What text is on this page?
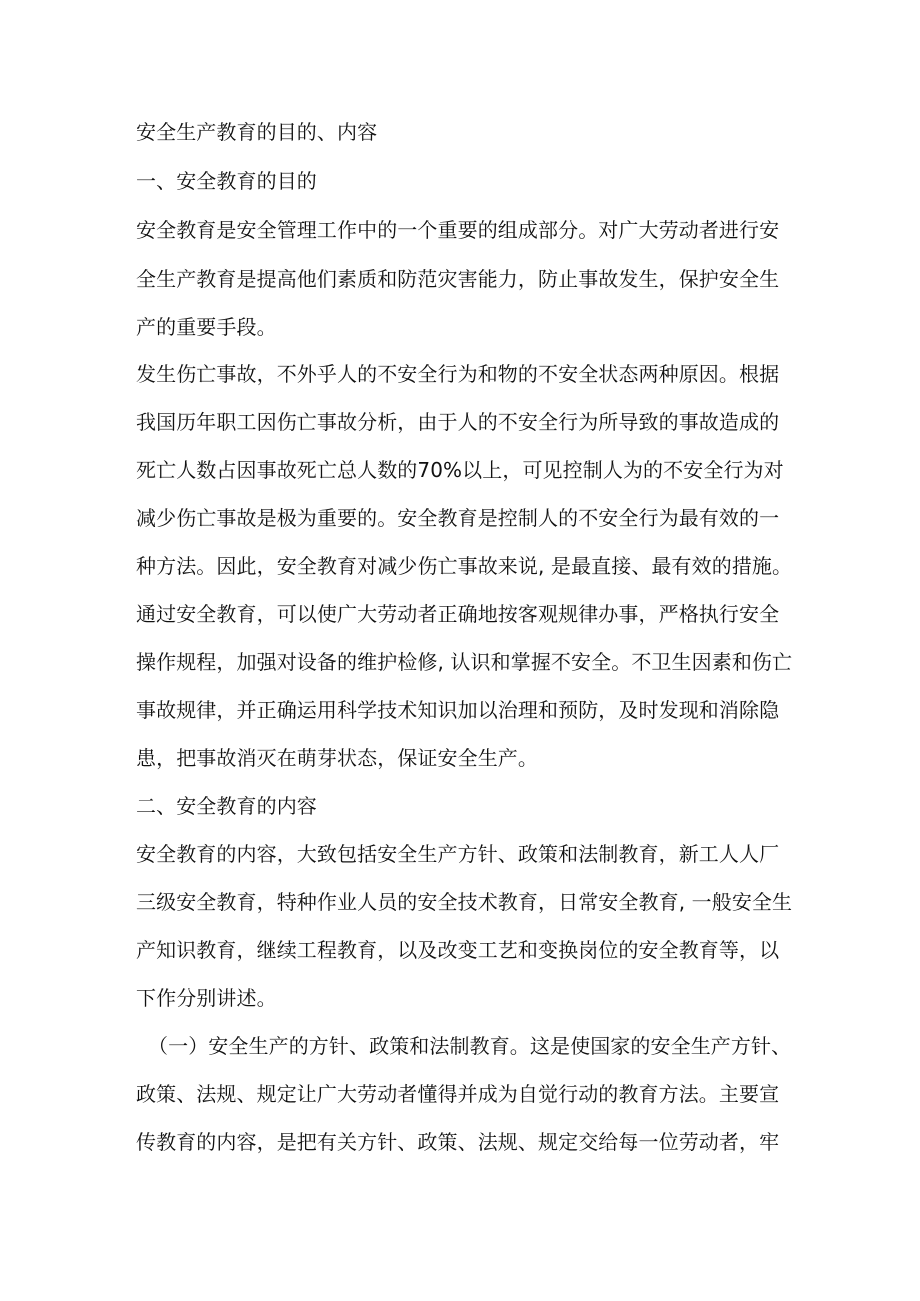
安全生产教育的目的、内容
一、安全教育的目的
安全教育是安全管理工作中的一个重要的组成部分。对广大劳动者进行安
全生产教育是提高他们素质和防范灾害能力，防止事故发生，保护安全生
产的重要手段。
发生伤亡事故，不外乎人的不安全行为和物的不安全状态两种原因。根据
我国历年职工因伤亡事故分析，由于人的不安全行为所导致的事故造成的
死亡人数占因事故死亡总人数的70%以上，可见控制人为的不安全行为对
减少伤亡事故是极为重要的。安全教育是控制人的不安全行为最有效的一
种方法。因此，安全教育对减少伤亡事故来说, 是最直接、最有效的措施。
通过安全教育，可以使广大劳动者正确地按客观规律办事，严格执行安全
操作规程，加强对设备的维护检修, 认识和掌握不安全。不卫生因素和伤亡
事故规律，并正确运用科学技术知识加以治理和预防，及时发现和消除隐
患，把事故消灭在萌芽状态，保证安全生产。
二、安全教育的内容
安全教育的内容，大致包括安全生产方针、政策和法制教育，新工人人厂
三级安全教育，特种作业人员的安全技术教育，日常安全教育, 一般安全生
产知识教育，继续工程教育，以及改变工艺和变换岗位的安全教育等，以
下作分别讲述。
（一）安全生产的方针、政策和法制教育。这是使国家的安全生产方针、
政策、法规、规定让广大劳动者懂得并成为自觉行动的教育方法。主要宣
传教育的内容，是把有关方针、政策、法规、规定交给每一位劳动者，牢
